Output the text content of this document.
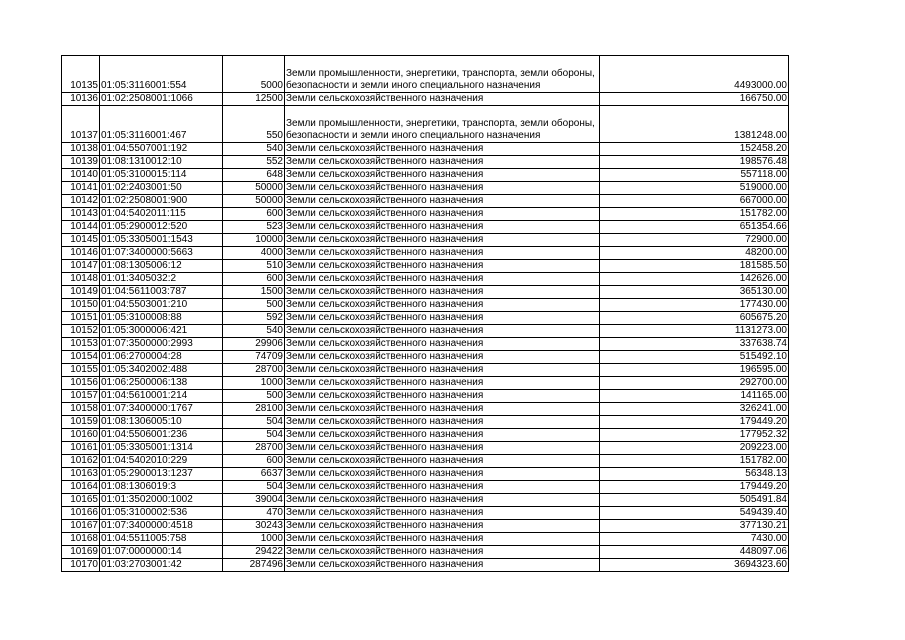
10135	01:05:3116001:554	5000	Земли промышленности, энергетики, транспорта, земли обороны, безопасности и земли иного специального назначения	4493000.00
10136	01:02:2508001:1066	12500	Земли сельскохозяйственного назначения	166750.00
10137	01:05:3116001:467	550	Земли промышленности, энергетики, транспорта, земли обороны, безопасности и земли иного специального назначения	1381248.00
10138	01:04:5507001:192	540	Земли сельскохозяйственного назначения	152458.20
10139	01:08:1310012:10	552	Земли сельскохозяйственного назначения	198576.48
10140	01:05:3100015:114	648	Земли сельскохозяйственного назначения	557118.00
10141	01:02:2403001:50	50000	Земли сельскохозяйственного назначения	519000.00
10142	01:02:2508001:900	50000	Земли сельскохозяйственного назначения	667000.00
10143	01:04:5402011:115	600	Земли сельскохозяйственного назначения	151782.00
10144	01:05:2900012:520	523	Земли сельскохозяйственного назначения	651354.66
10145	01:05:3305001:1543	10000	Земли сельскохозяйственного назначения	72900.00
10146	01:07:3400000:5663	4000	Земли сельскохозяйственного назначения	48200.00
10147	01:08:1305006:12	510	Земли сельскохозяйственного назначения	181585.50
10148	01:01:3405032:2	600	Земли сельскохозяйственного назначения	142626.00
10149	01:04:5611003:787	1500	Земли сельскохозяйственного назначения	365130.00
10150	01:04:5503001:210	500	Земли сельскохозяйственного назначения	177430.00
10151	01:05:3100008:88	592	Земли сельскохозяйственного назначения	605675.20
10152	01:05:3000006:421	540	Земли сельскохозяйственного назначения	1131273.00
10153	01:07:3500000:2993	29906	Земли сельскохозяйственного назначения	337638.74
10154	01:06:2700004:28	74709	Земли сельскохозяйственного назначения	515492.10
10155	01:05:3402002:488	28700	Земли сельскохозяйственного назначения	196595.00
10156	01:06:2500006:138	1000	Земли сельскохозяйственного назначения	292700.00
10157	01:04:5610001:214	500	Земли сельскохозяйственного назначения	141165.00
10158	01:07:3400000:1767	28100	Земли сельскохозяйственного назначения	326241.00
10159	01:08:1306005:10	504	Земли сельскохозяйственного назначения	179449.20
10160	01:04:5506001:236	504	Земли сельскохозяйственного назначения	177952.32
10161	01:05:3305001:1314	28700	Земли сельскохозяйственного назначения	209223.00
10162	01:04:5402010:229	600	Земли сельскохозяйственного назначения	151782.00
10163	01:05:2900013:1237	6637	Земли сельскохозяйственного назначения	56348.13
10164	01:08:1306019:3	504	Земли сельскохозяйственного назначения	179449.20
10165	01:01:3502000:1002	39004	Земли сельскохозяйственного назначения	505491.84
10166	01:05:3100002:536	470	Земли сельскохозяйственного назначения	549439.40
10167	01:07:3400000:4518	30243	Земли сельскохозяйственного назначения	377130.21
10168	01:04:5511005:758	1000	Земли сельскохозяйственного назначения	7430.00
10169	01:07:0000000:14	29422	Земли сельскохозяйственного назначения	448097.06
10170	01:03:2703001:42	287496	Земли сельскохозяйственного назначения	3694323.60
